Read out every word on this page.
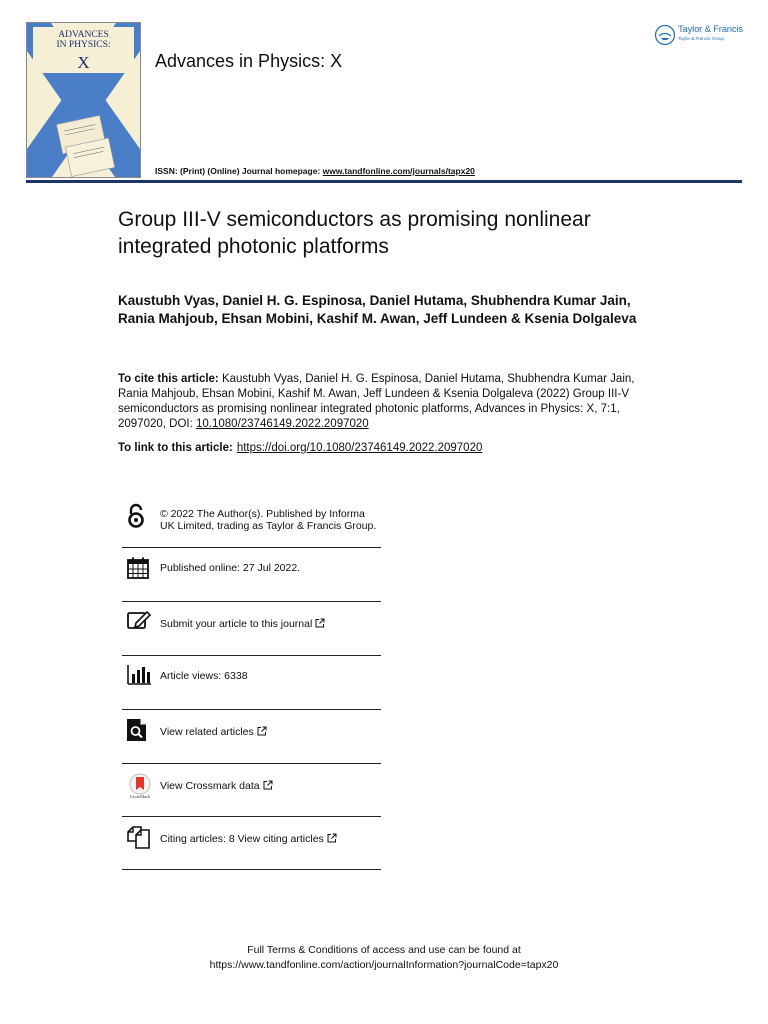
ADVANCES
IN PHYSICS:
X	Advances in Physics: X
ISSN: (Print) (Online) Journal homepage: www.tandfonline.com/journals/tapx20
Taylor & Francis
Taylor & Francis Group
Group III-V semiconductors as promising nonlinear integrated photonic platforms
Kaustubh Vyas, Daniel H. G. Espinosa, Daniel Hutama, Shubhendra Kumar Jain, Rania Mahjoub, Ehsan Mobini, Kashif M. Awan, Jeff Lundeen & Ksenia Dolgaleva
To cite this article: Kaustubh Vyas, Daniel H. G. Espinosa, Daniel Hutama, Shubhendra Kumar Jain, Rania Mahjoub, Ehsan Mobini, Kashif M. Awan, Jeff Lundeen & Ksenia Dolgaleva (2022) Group III-V semiconductors as promising nonlinear integrated photonic platforms, Advances in Physics: X, 7:1, 2097020, DOI: 10.1080/23746149.2022.2097020
To link to this article: https://doi.org/10.1080/23746149.2022.2097020
© 2022 The Author(s). Published by Informa UK Limited, trading as Taylor & Francis Group.
Published online: 27 Jul 2022.
Submit your article to this journal
Article views: 6338
View related articles
CrossMark
View Crossmark data
Citing articles: 8 View citing articles
Full Terms & Conditions of access and use can be found at
https://www.tandfonline.com/action/journalInformation?journalCode=tapx20
